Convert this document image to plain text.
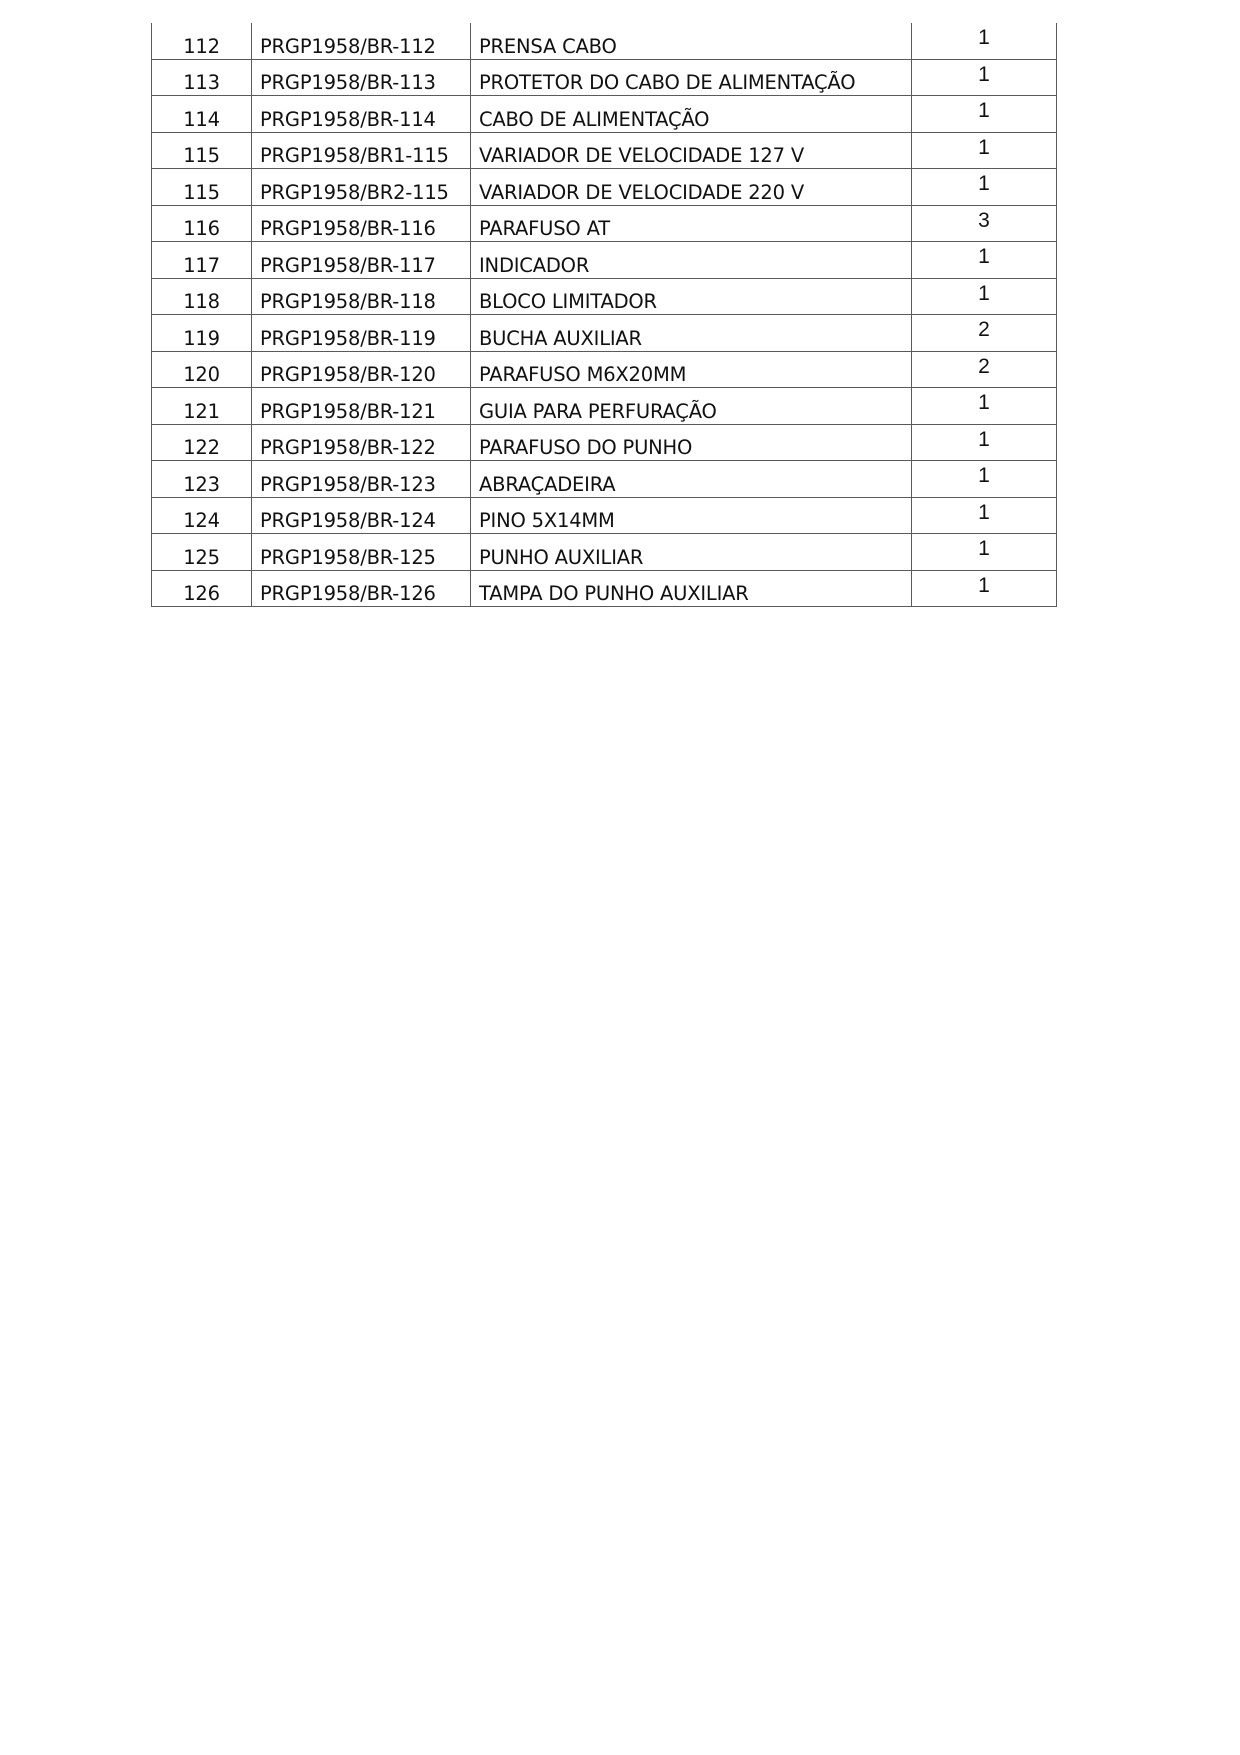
112	PRGP1958/BR-112	PRENSA CABO	1
113	PRGP1958/BR-113	PROTETOR DO CABO DE ALIMENTAÇÃO	1
114	PRGP1958/BR-114	CABO DE ALIMENTAÇÃO	1
115	PRGP1958/BR1-115	VARIADOR DE VELOCIDADE 127 V	1
115	PRGP1958/BR2-115	VARIADOR DE VELOCIDADE 220 V	1
116	PRGP1958/BR-116	PARAFUSO AT	3
117	PRGP1958/BR-117	INDICADOR	1
118	PRGP1958/BR-118	BLOCO LIMITADOR	1
119	PRGP1958/BR-119	BUCHA AUXILIAR	2
120	PRGP1958/BR-120	PARAFUSO M6X20MM	2
121	PRGP1958/BR-121	GUIA PARA PERFURAÇÃO	1
122	PRGP1958/BR-122	PARAFUSO DO PUNHO	1
123	PRGP1958/BR-123	ABRAÇADEIRA	1
124	PRGP1958/BR-124	PINO 5X14MM	1
125	PRGP1958/BR-125	PUNHO AUXILIAR	1
126	PRGP1958/BR-126	TAMPA DO PUNHO AUXILIAR	1
